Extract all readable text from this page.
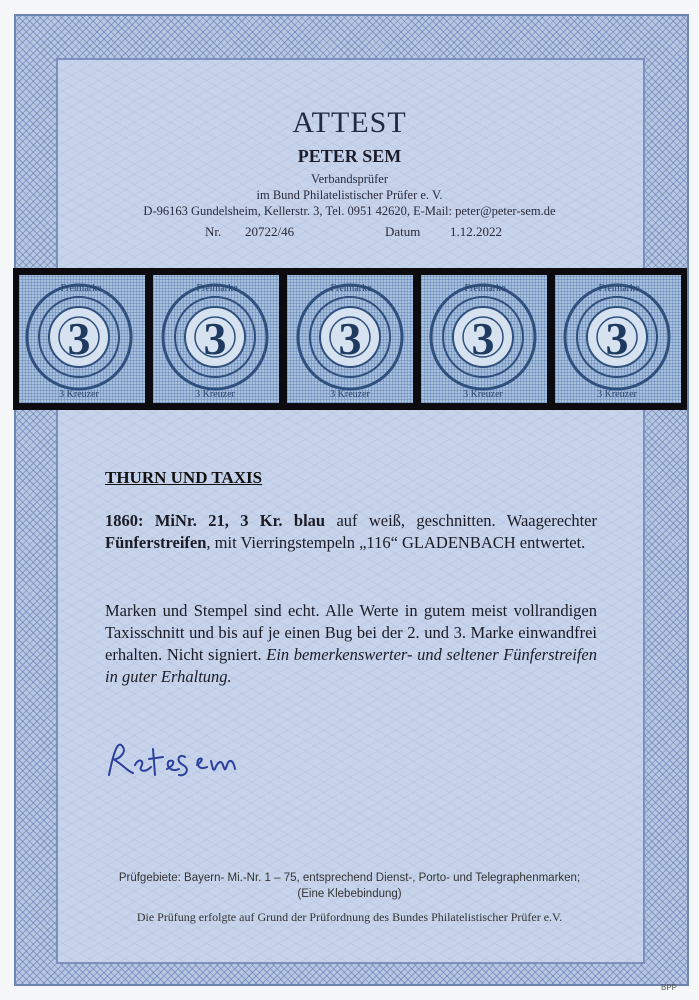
ATTEST
PETER SEM
Verbandsprüfer
im Bund Philatelistischer Prüfer e. V.
D-96163 Gundelsheim, Kellerstr. 3, Tel. 0951 42620, E-Mail: peter@peter-sem.de
Nr. 20722/46	Datum 1.12.2022
3
Freimarke
3 Kreuzer
3
Freimarke
3 Kreuzer
3
Freimarke
3 Kreuzer
3
Freimarke
3 Kreuzer
3
Freimarke
3 Kreuzer
THURN UND TAXIS
1860: MiNr. 21, 3 Kr. blau auf weiß, geschnitten. Waagerechter Fünferstreifen, mit Vierringstempeln „116“ GLADENBACH entwertet.
Marken und Stempel sind echt. Alle Werte in gutem meist vollrandigen Taxisschnitt und bis auf je einen Bug bei der 2. und 3. Marke einwandfrei erhalten. Nicht signiert. Ein bemerkenswerter- und seltener Fünferstreifen in guter Erhaltung.
Prüfgebiete: Bayern- Mi.-Nr. 1 – 75, entsprechend Dienst-, Porto- und Telegraphenmarken;
(Eine Klebebindung)
Die Prüfung erfolgte auf Grund der Prüfordnung des Bundes Philatelistischer Prüfer e.V.
BPP
